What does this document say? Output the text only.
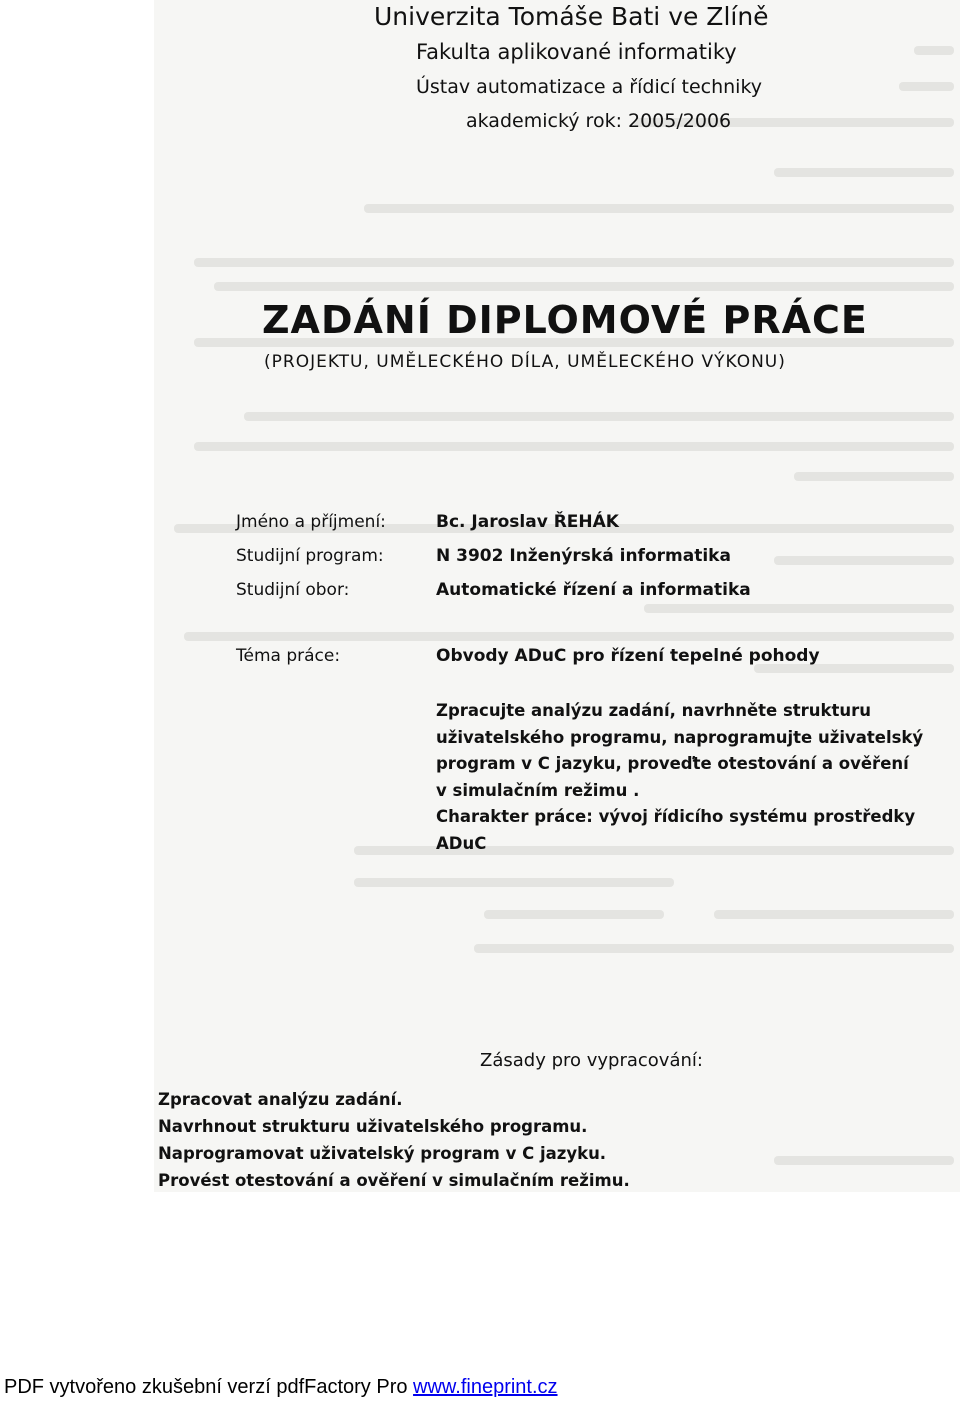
Univerzita Tomáše Bati ve Zlíně
Fakulta aplikované informatiky
Ústav automatizace a řídicí techniky
akademický rok: 2005/2006
ZADÁNÍ DIPLOMOVÉ PRÁCE
(PROJEKTU, UMĚLECKÉHO DÍLA, UMĚLECKÉHO VÝKONU)
Jméno a příjmení:	Bc. Jaroslav ŘEHÁK
Studijní program:	N 3902 Inženýrská informatika
Studijní obor:	Automatické řízení a informatika
Téma práce:	Obvody ADuC pro řízení tepelné pohody
Zpracujte analýzu zadání, navrhněte strukturu
uživatelského programu, naprogramujte uživatelský
program v C jazyku, proveďte otestování a ověření
v simulačním režimu .
Charakter práce: vývoj řídicího systému prostředky
ADuC
Zásady pro vypracování:
Zpracovat analýzu zadání.
Navrhnout strukturu uživatelského programu.
Naprogramovat uživatelský program v C jazyku.
Provést otestování a ověření v simulačním režimu.
PDF vytvořeno zkušební verzí pdfFactory Pro www.fineprint.cz
